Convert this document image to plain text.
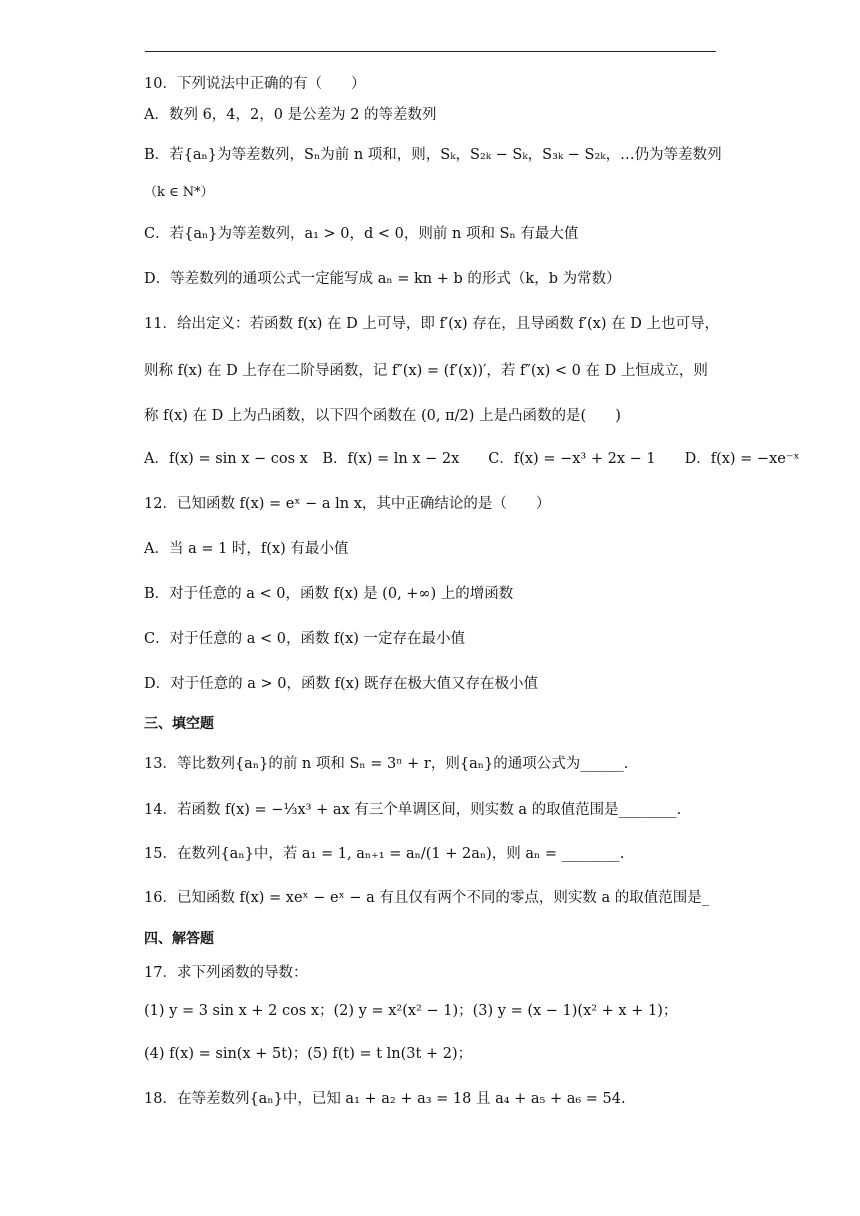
10．下列说法中正确的有（　　）
A．数列 6，4，2，0 是公差为 2 的等差数列
B．若{aₙ}为等差数列，Sₙ为前 n 项和，则，Sₖ，S₂ₖ − Sₖ，S₃ₖ − S₂ₖ，…仍为等差数列
（k ∈ N*）
C．若{aₙ}为等差数列，a₁ > 0，d < 0，则前 n 项和 Sₙ 有最大值
D．等差数列的通项公式一定能写成 aₙ = kn + b 的形式（k，b 为常数）
11．给出定义：若函数 f(x) 在 D 上可导，即 f′(x) 存在，且导函数 f′(x) 在 D 上也可导，
则称 f(x) 在 D 上存在二阶导函数，记 f″(x) = (f′(x))′，若 f″(x) < 0 在 D 上恒成立，则
称 f(x) 在 D 上为凸函数，以下四个函数在 (0, π/2) 上是凸函数的是(　　)
A．f(x) = sin x − cos x　B．f(x) = ln x − 2x　　C．f(x) = −x³ + 2x − 1　　D．f(x) = −xe⁻ˣ
12．已知函数 f(x) = eˣ − a ln x，其中正确结论的是（　　）
A．当 a = 1 时，f(x) 有最小值
B．对于任意的 a < 0，函数 f(x) 是 (0, +∞) 上的增函数
C．对于任意的 a < 0，函数 f(x) 一定存在最小值
D．对于任意的 a > 0，函数 f(x) 既存在极大值又存在极小值
三、填空题
13．等比数列{aₙ}的前 n 项和 Sₙ = 3ⁿ + r，则{aₙ}的通项公式为______.
14．若函数 f(x) = −⅓x³ + ax 有三个单调区间，则实数 a 的取值范围是________.
15．在数列{aₙ}中，若 a₁ = 1, aₙ₊₁ = aₙ/(1 + 2aₙ)，则 aₙ = ________.
16．已知函数 f(x) = xeˣ − eˣ − a 有且仅有两个不同的零点，则实数 a 的取值范围是_
四、解答题
17．求下列函数的导数：
(1) y = 3 sin x + 2 cos x；(2) y = x²(x² − 1)；(3) y = (x − 1)(x² + x + 1)；
(4) f(x) = sin(x + 5t)；(5) f(t) = t ln(3t + 2)；
18．在等差数列{aₙ}中，已知 a₁ + a₂ + a₃ = 18 且 a₄ + a₅ + a₆ = 54.
